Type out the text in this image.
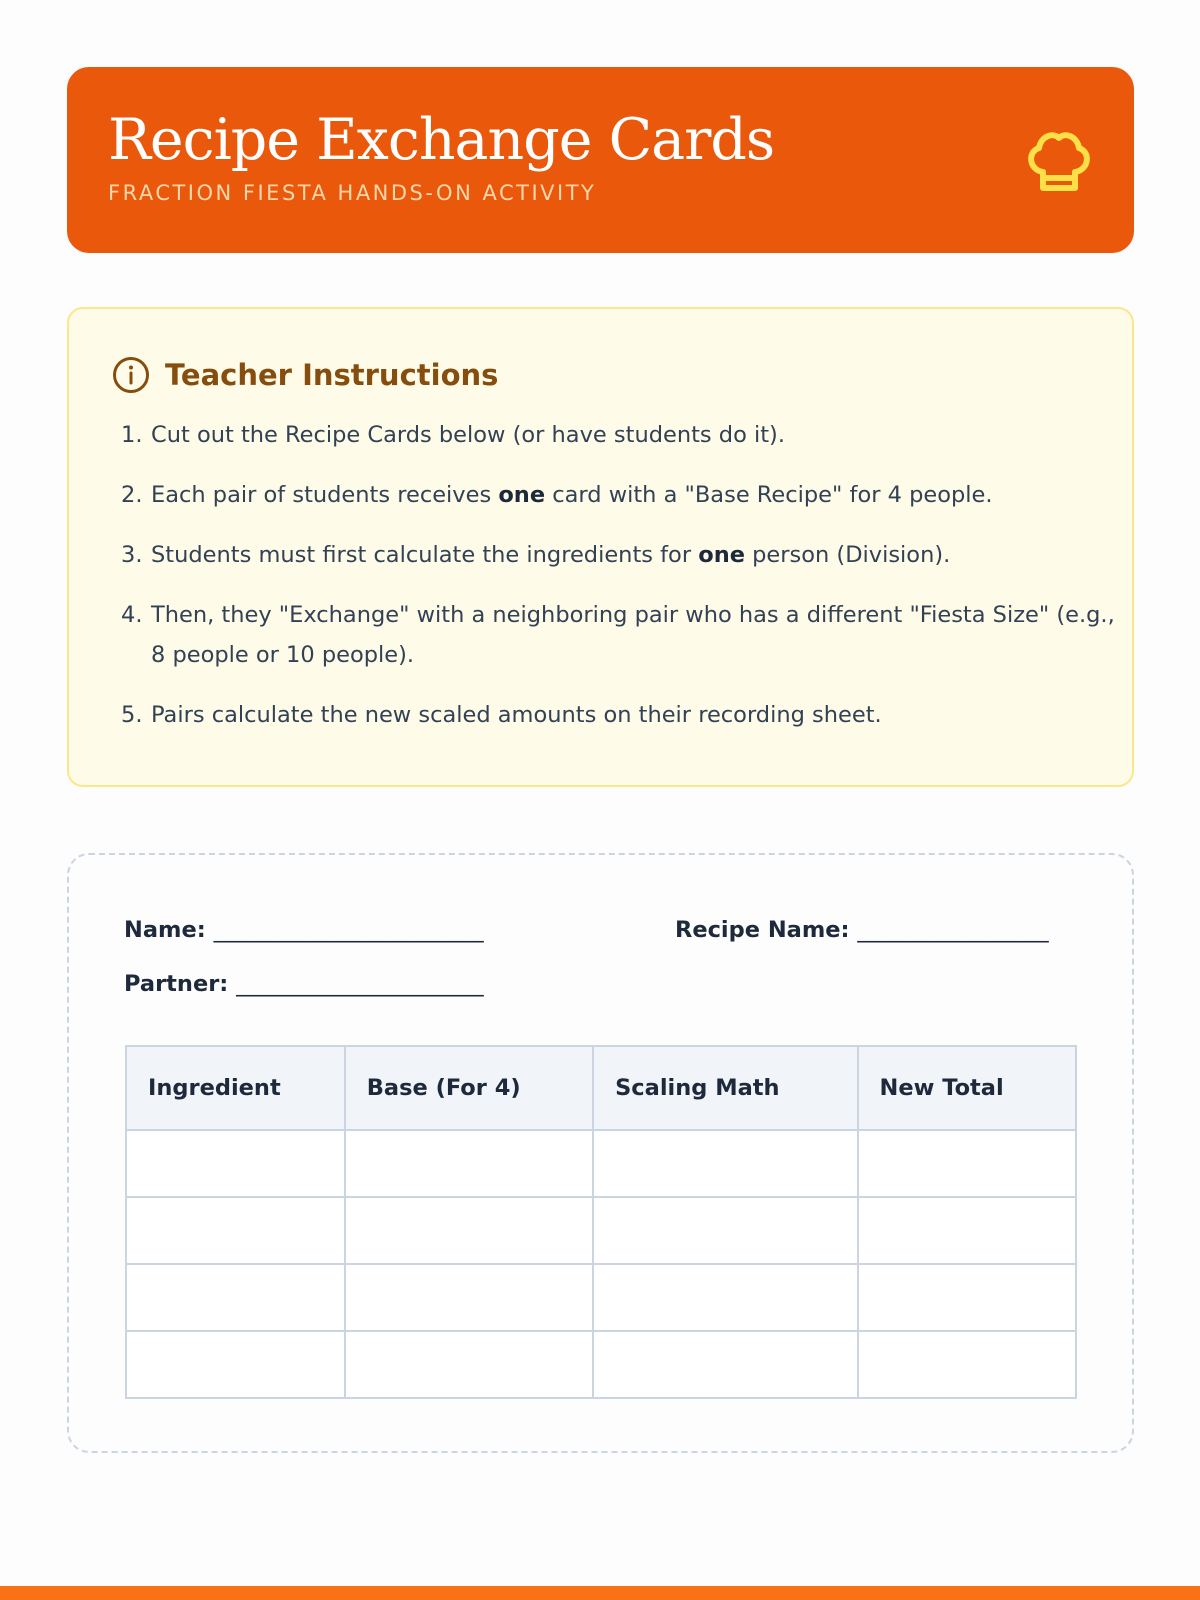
Recipe Exchange Cards
FRACTION FIESTA HANDS-ON ACTIVITY
Teacher Instructions
1. Cut out the Recipe Cards below (or have students do it).
2. Each pair of students receives one card with a "Base Recipe" for 4 people.
3. Students must first calculate the ingredients for one person (Division).
4. Then, they "Exchange" with a neighboring pair who has a different "Fiesta Size" (e.g., 8 people or 10 people).
5. Pairs calculate the new scaled amounts on their recording sheet.
Name: ________________________	Recipe Name: _________________
Partner: ______________________
Ingredient	Base (For 4)	Scaling Math	New Total
